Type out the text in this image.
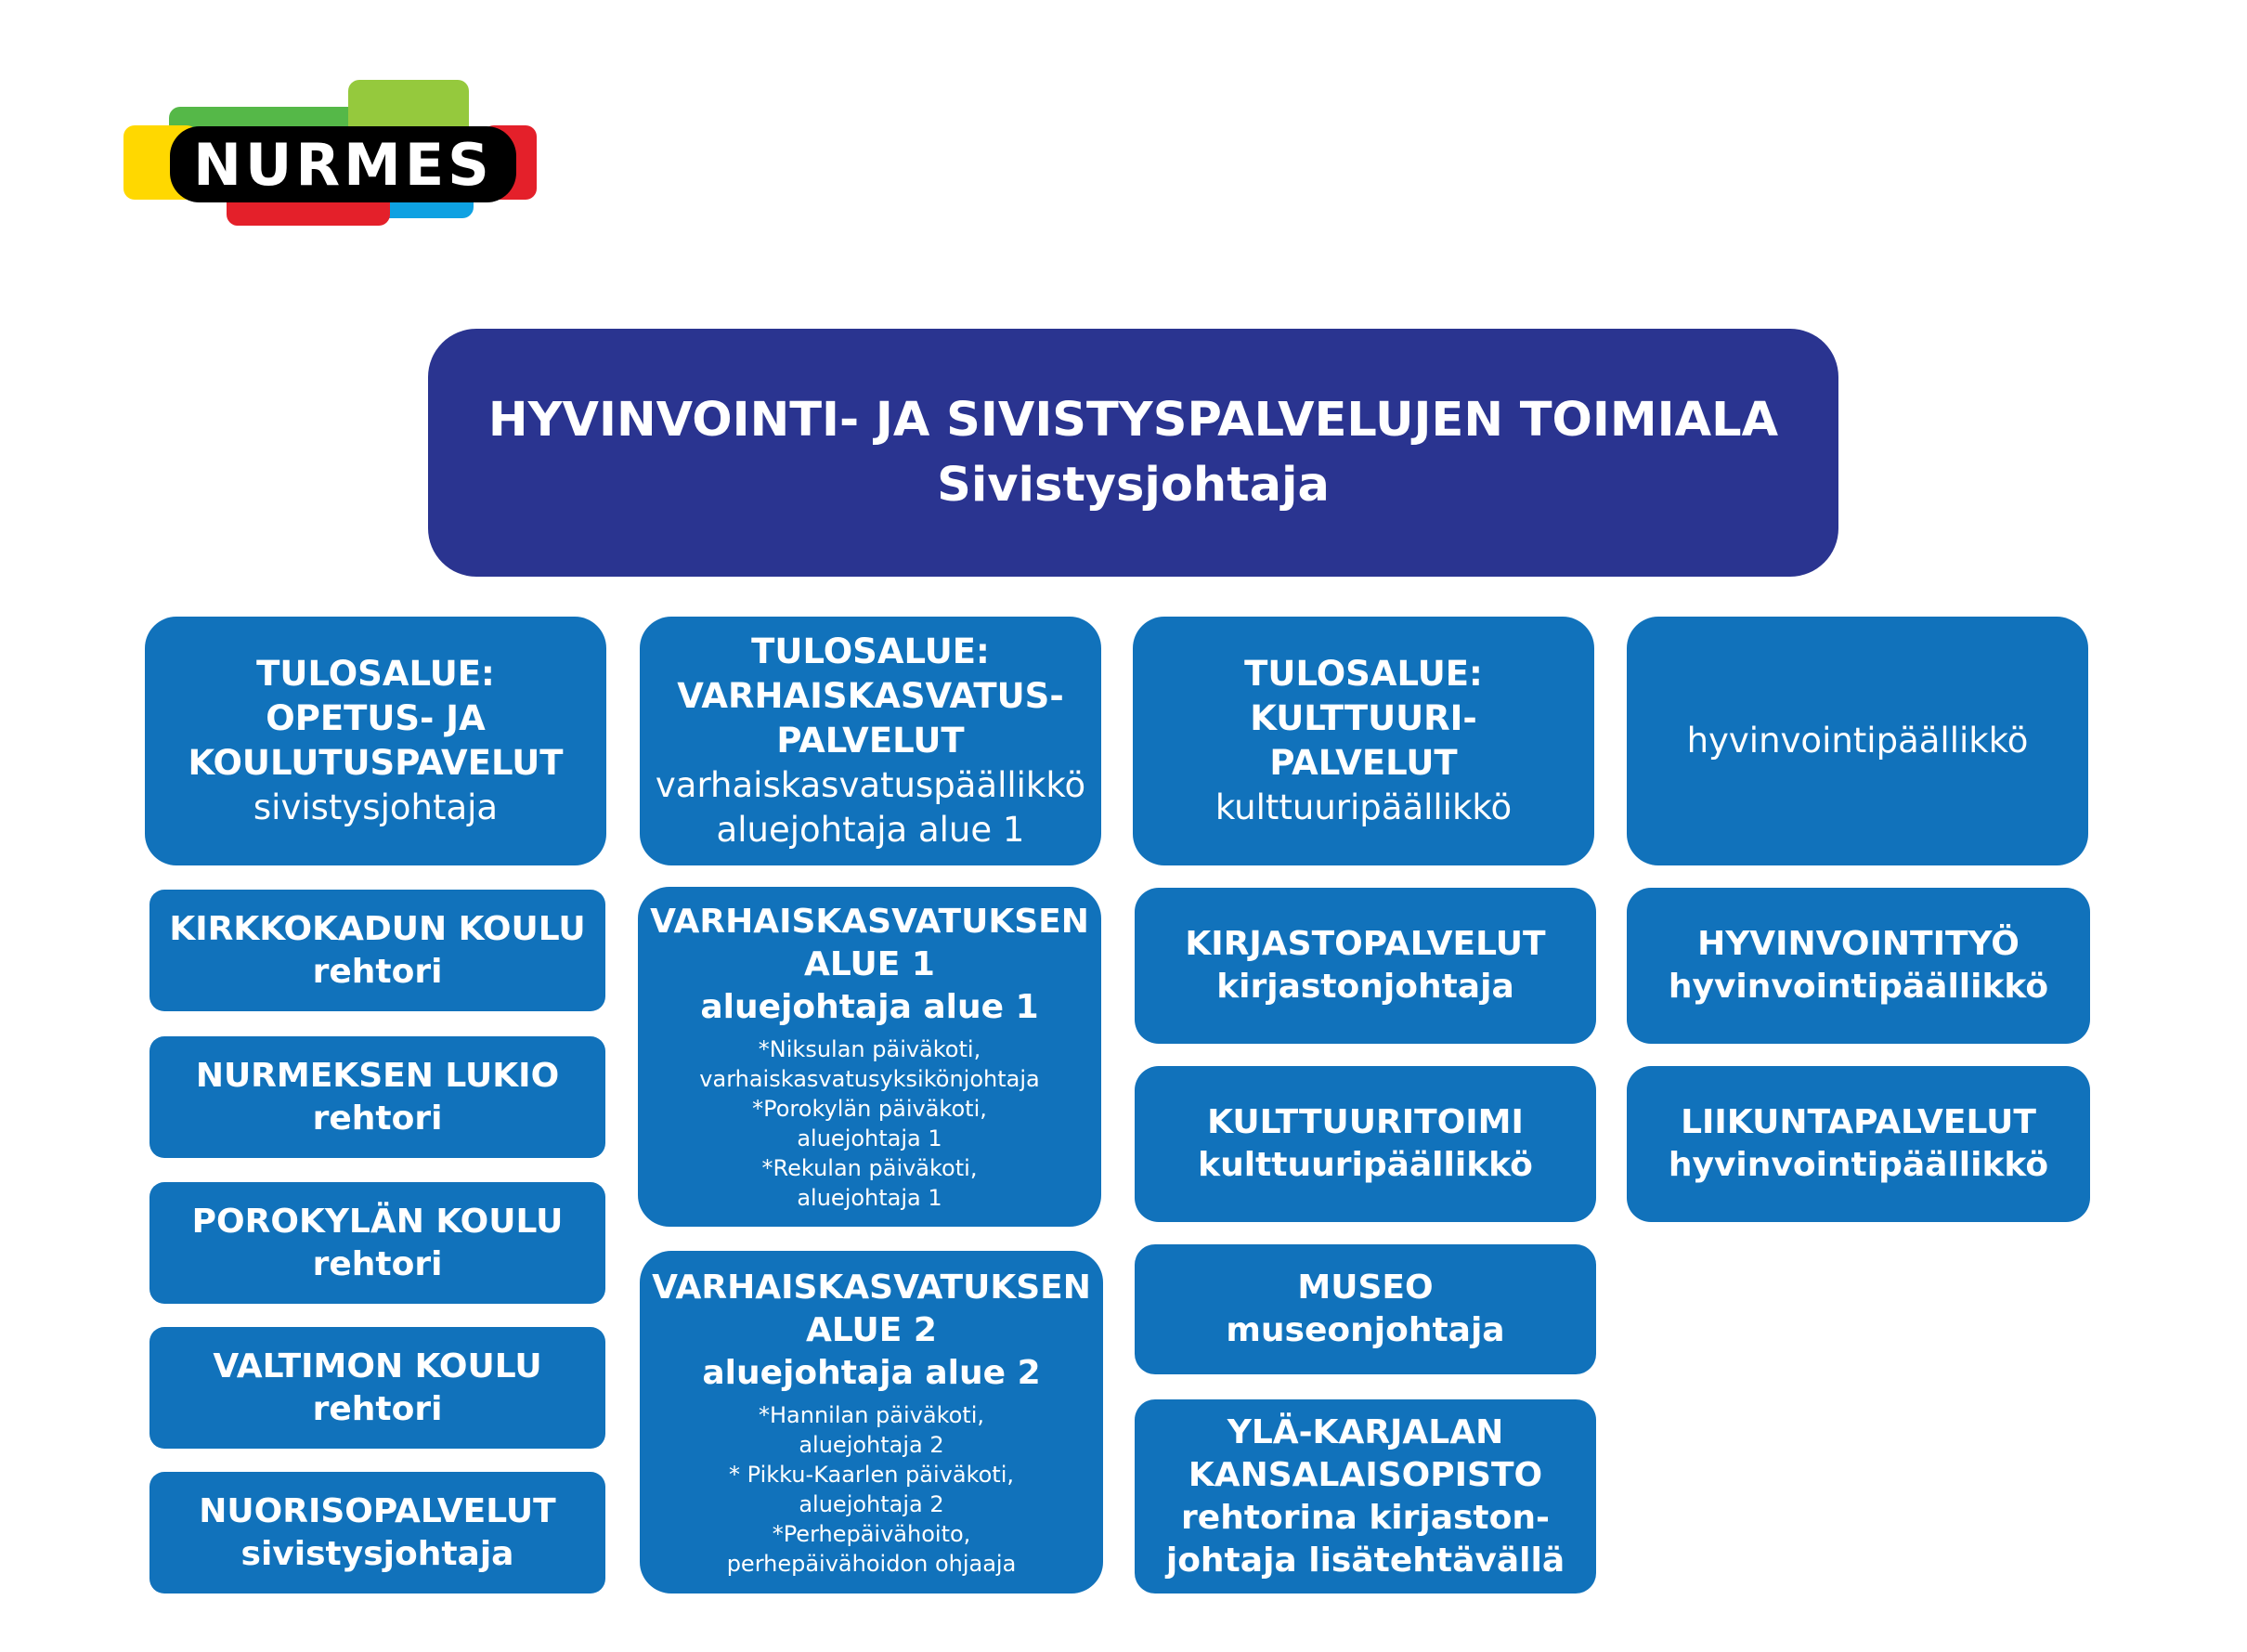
NURMES
HYVINVOINTI- JA SIVISTYSPALVELUJEN TOIMIALA
Sivistysjohtaja
TULOSALUE:
OPETUS- JA
KOULUTUSPAVELUT
sivistysjohtaja
KIRKKOKADUN KOULU
rehtori
NURMEKSEN LUKIO
rehtori
POROKYLÄN KOULU
rehtori
VALTIMON KOULU
rehtori
NUORISOPALVELUT
sivistysjohtaja
TULOSALUE:
VARHAISKASVATUS-
PALVELUT
varhaiskasvatuspäällikkö
aluejohtaja alue 1
VARHAISKASVATUKSEN
ALUE 1
aluejohtaja alue 1
*Niksulan päiväkoti,
varhaiskasvatusyksikönjohtaja
*Porokylän päiväkoti,
aluejohtaja 1
*Rekulan päiväkoti,
aluejohtaja 1
VARHAISKASVATUKSEN
ALUE 2
aluejohtaja alue 2
*Hannilan päiväkoti,
aluejohtaja 2
* Pikku-Kaarlen päiväkoti,
aluejohtaja 2
*Perhepäivähoito,
perhepäivähoidon ohjaaja
TULOSALUE:
KULTTUURI-
PALVELUT
kulttuuripäällikkö
KIRJASTOPALVELUT
kirjastonjohtaja
KULTTUURITOIMI
kulttuuripäällikkö
MUSEO
museonjohtaja
YLÄ-KARJALAN
KANSALAISOPISTO
rehtorina kirjaston-
johtaja lisätehtävällä
hyvinvointipäällikkö
HYVINVOINTITYÖ
hyvinvointipäällikkö
LIIKUNTAPALVELUT
hyvinvointipäällikkö
